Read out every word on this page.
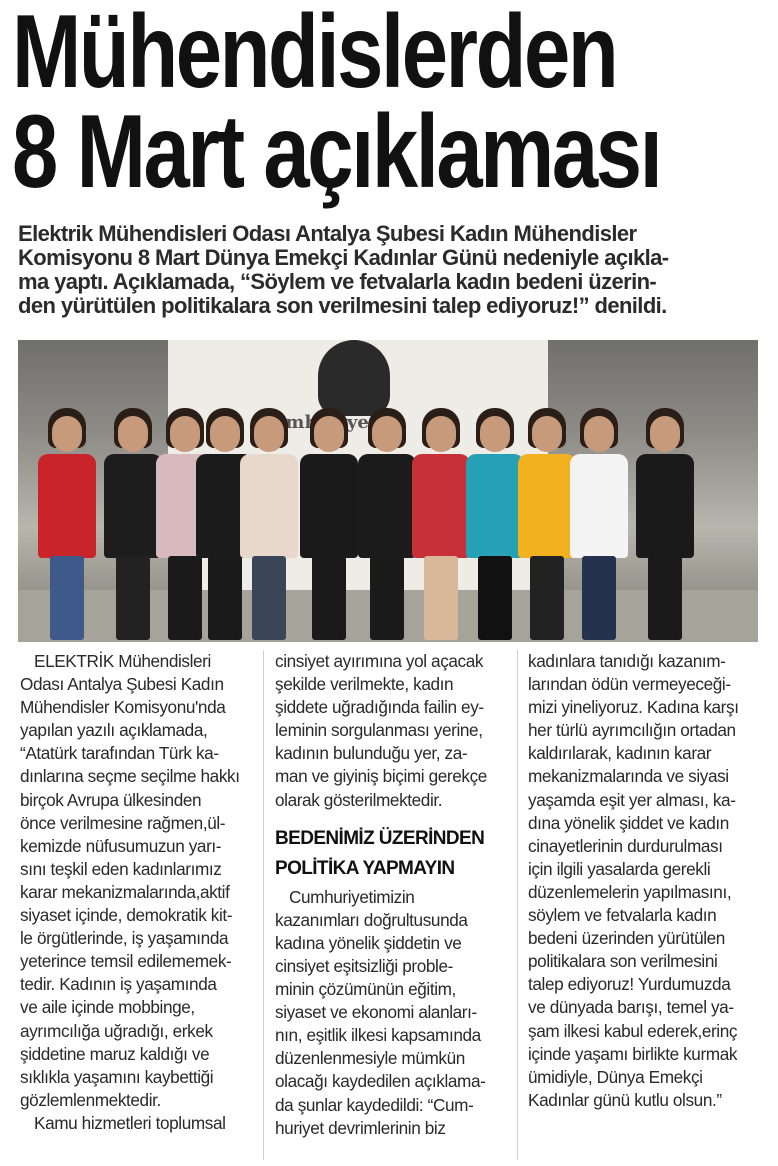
Mühendislerden
8 Mart açıklaması
Elektrik Mühendisleri Odası Antalya Şubesi Kadın Mühendisler
Komisyonu 8 Mart Dünya Emekçi Kadınlar Günü nedeniyle açıkla-
ma yaptı. Açıklamada, “Söylem ve fetvalarla kadın bedeni üzerin-
den yürütülen politikalara son verilmesini talep ediyoruz!” denildi.
ELEKTRİK Mühendisleri
Odası Antalya Şubesi Kadın
Mühendisler Komisyonu'nda
yapılan yazılı açıklamada,
“Atatürk tarafından Türk ka-
dınlarına seçme seçilme hakkı
birçok Avrupa ülkesinden
önce verilmesine rağmen,ül-
kemizde nüfusumuzun yarı-
sını teşkil eden kadınlarımız
karar mekanizmalarında,aktif
siyaset içinde, demokratik kit-
le örgütlerinde, iş yaşamında
yeterince temsil edilememek-
tedir. Kadının iş yaşamında
ve aile içinde mobbinge,
ayrımcılığa uğradığı, erkek
şiddetine maruz kaldığı ve
sıklıkla yaşamını kaybettiği
gözlemlenmektedir.
Kamu hizmetleri toplumsal
cinsiyet ayırımına yol açacak
şekilde verilmekte, kadın
şiddete uğradığında failin ey-
leminin sorgulanması yerine,
kadının bulunduğu yer, za-
man ve giyiniş biçimi gerekçe
olarak gösterilmektedir.
BEDENİMİZ ÜZERİNDEN
POLİTİKA YAPMAYIN
Cumhuriyetimizin
kazanımları doğrultusunda
kadına yönelik şiddetin ve
cinsiyet eşitsizliği proble-
minin çözümünün eğitim,
siyaset ve ekonomi alanları-
nın, eşitlik ilkesi kapsamında
düzenlenmesiyle mümkün
olacağı kaydedilen açıklama-
da şunlar kaydedildi: “Cum-
huriyet devrimlerinin biz
kadınlara tanıdığı kazanım-
larından ödün vermeyeceği-
mizi yineliyoruz. Kadına karşı
her türlü ayrımcılığın ortadan
kaldırılarak, kadının karar
mekanizmalarında ve siyasi
yaşamda eşit yer alması, ka-
dına yönelik şiddet ve kadın
cinayetlerinin durdurulması
için ilgili yasalarda gerekli
düzenlemelerin yapılmasını,
söylem ve fetvalarla kadın
bedeni üzerinden yürütülen
politikalara son verilmesini
talep ediyoruz! Yurdumuzda
ve dünyada barışı, temel ya-
şam ilkesi kabul ederek,erinç
içinde yaşamı birlikte kurmak
ümidiyle, Dünya Emekçi
Kadınlar günü kutlu olsun.”
